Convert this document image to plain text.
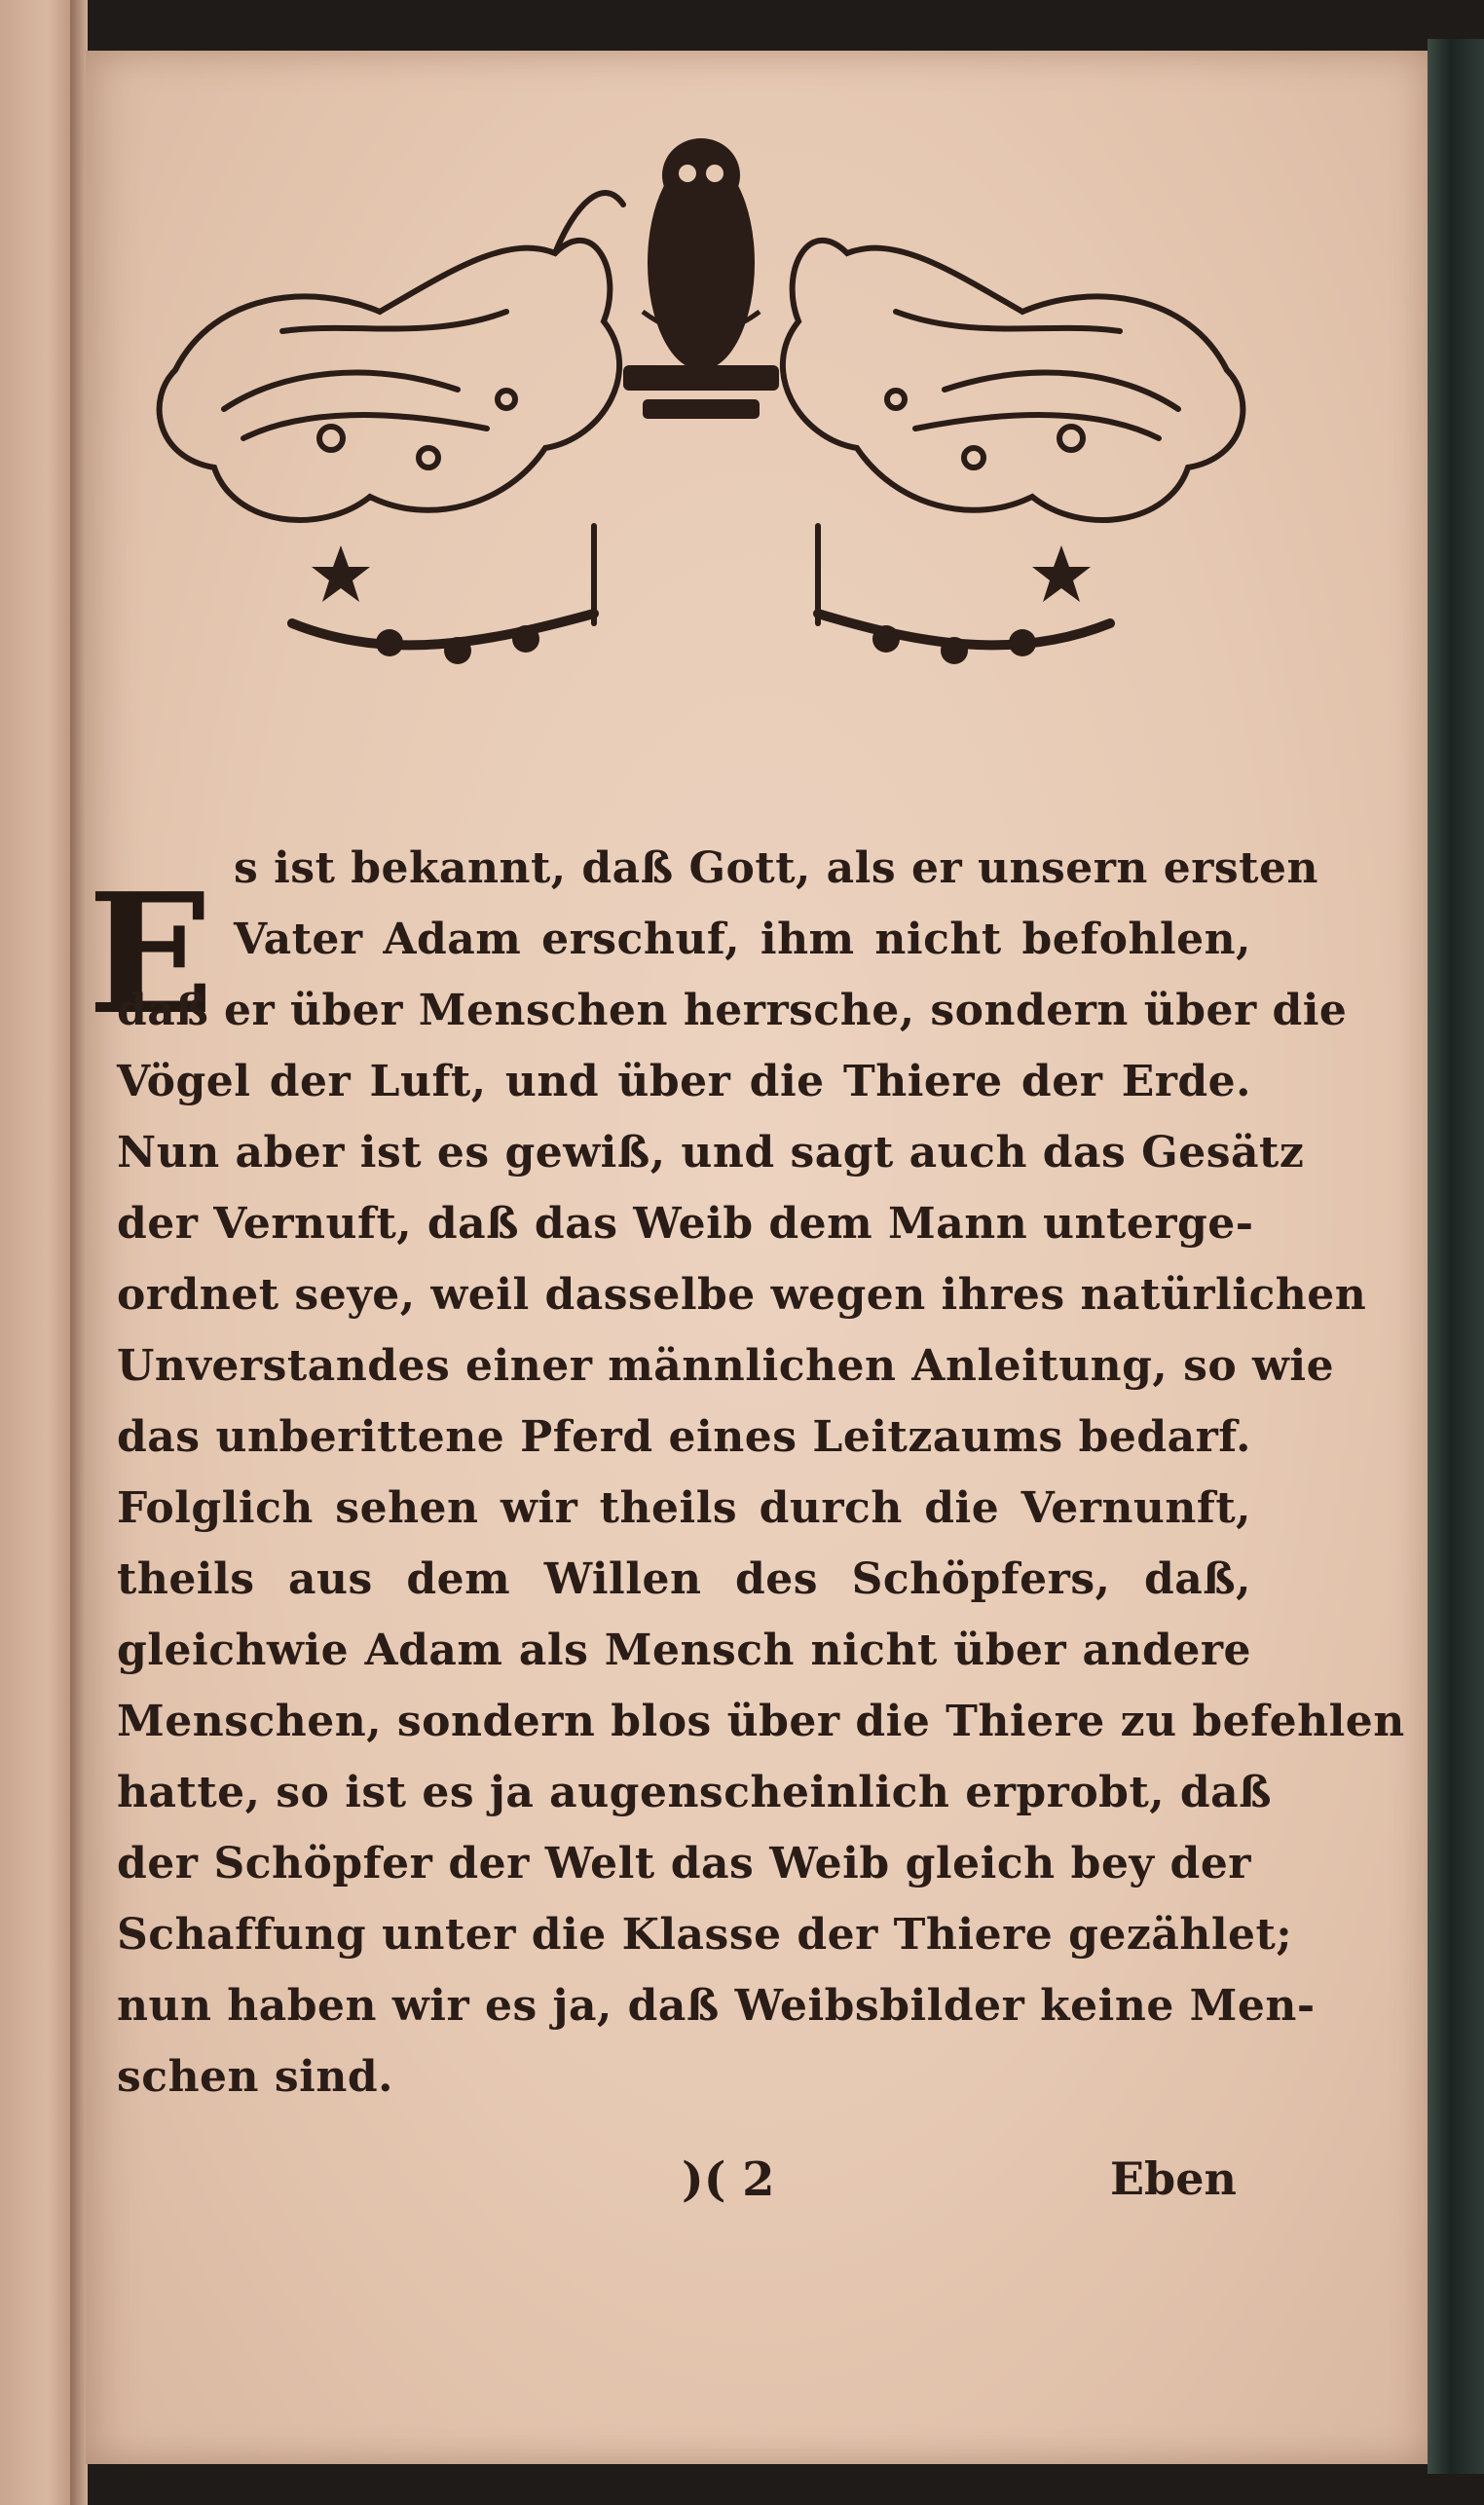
E s ist bekannt, daß Gott, als er unsern ersten
Vater Adam erschuf, ihm nicht befohlen,
daß er über Menschen herrsche, sondern über die
Vögel der Luft, und über die Thiere der Erde.
Nun aber ist es gewiß, und sagt auch das Gesätz
der Vernuft, daß das Weib dem Mann unterge-
ordnet seye, weil dasselbe wegen ihres natürlichen
Unverstandes einer männlichen Anleitung, so wie
das unberittene Pferd eines Leitzaums bedarf.
Folglich sehen wir theils durch die Vernunft,
theils aus dem Willen des Schöpfers, daß,
gleichwie Adam als Mensch nicht über andere
Menschen, sondern blos über die Thiere zu befehlen
hatte, so ist es ja augenscheinlich erprobt, daß
der Schöpfer der Welt das Weib gleich bey der
Schaffung unter die Klasse der Thiere gezählet;
nun haben wir es ja, daß Weibsbilder keine Men-
schen sind.
)( 2	Eben
